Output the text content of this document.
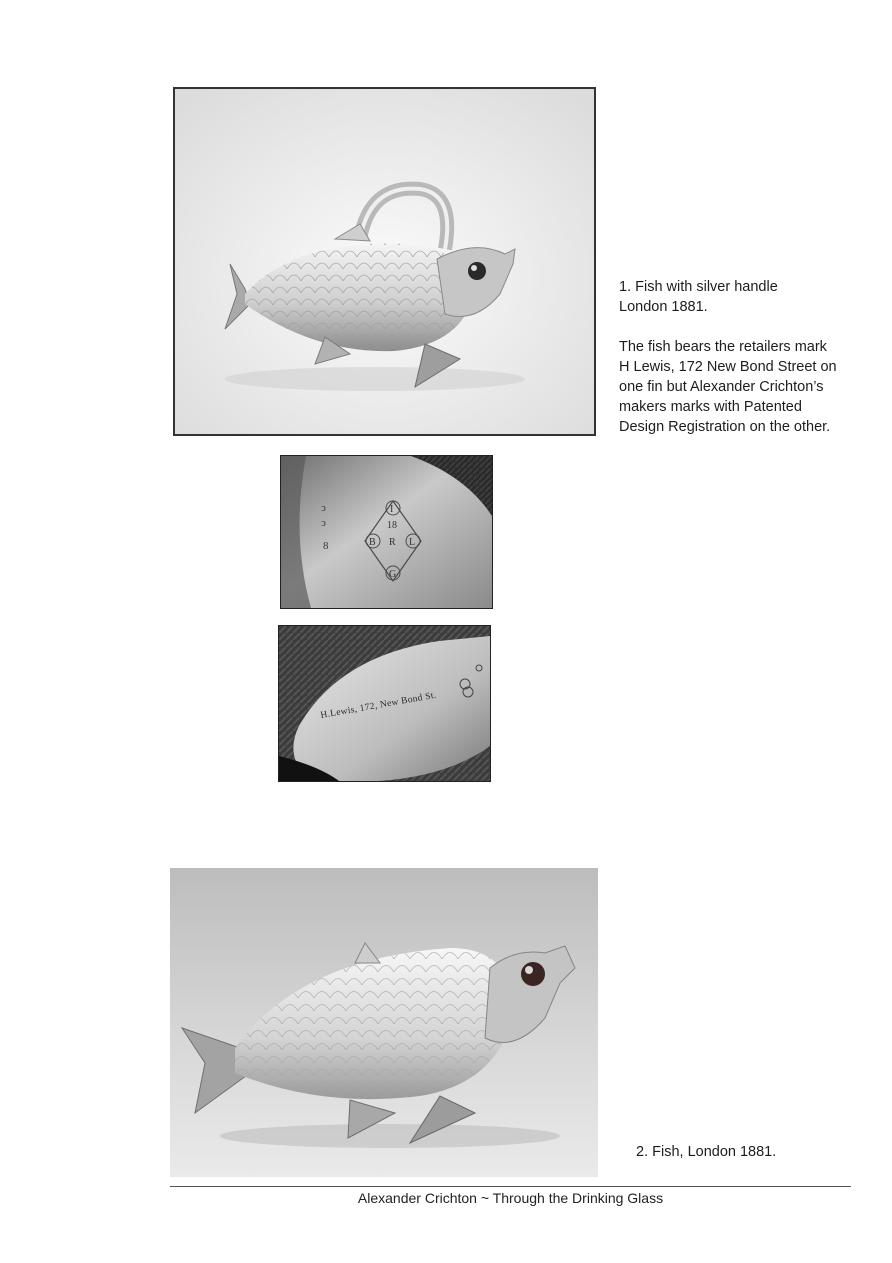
1. Fish with silver handle

London 1881.

The fish bears the retailers mark

H Lewis, 172 New Bond Street on

one fin but Alexander Crichton’s

makers marks with Patented

Design Registration on the other.

ↄ
ↄ
8
I
18
B R L
G
H.Lewis, 172, New Bond St.
2. Fish, London 1881.
Alexander Crichton ~ Through the Drinking Glass
